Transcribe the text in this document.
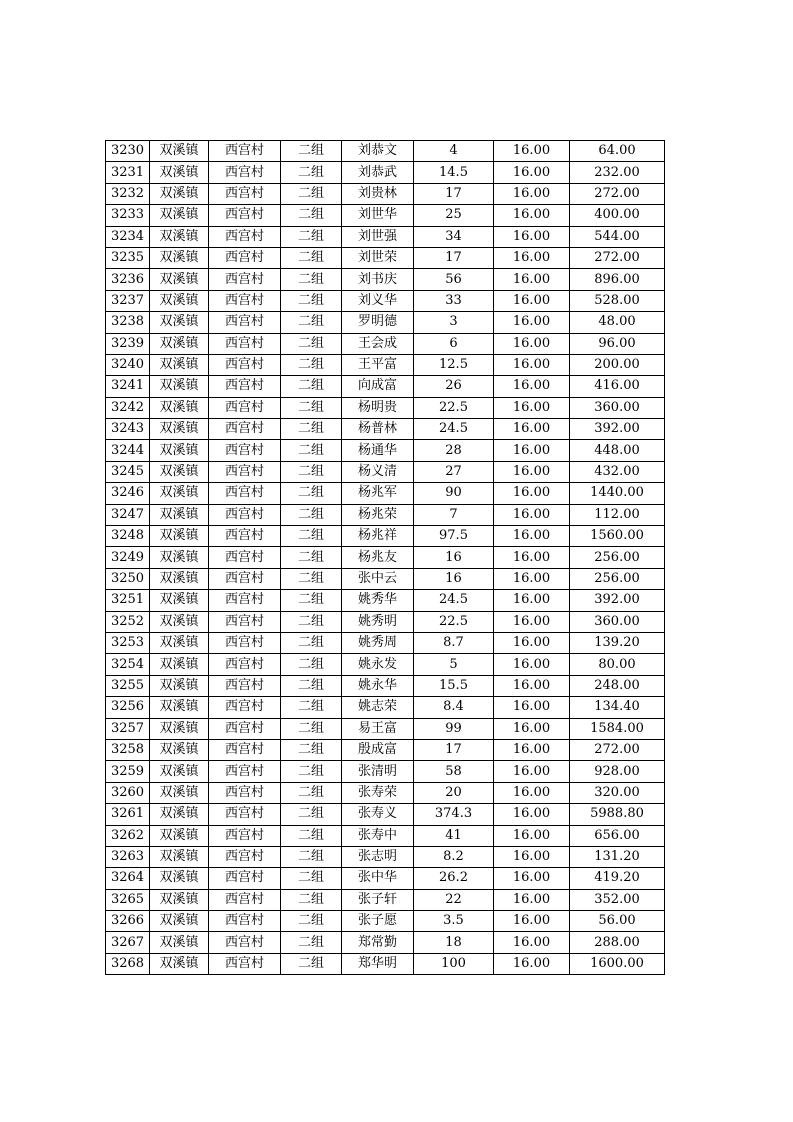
3230	双溪镇	西宫村	二组	刘恭文	4	16.00	64.00
3231	双溪镇	西宫村	二组	刘恭武	14.5	16.00	232.00
3232	双溪镇	西宫村	二组	刘贵林	17	16.00	272.00
3233	双溪镇	西宫村	二组	刘世华	25	16.00	400.00
3234	双溪镇	西宫村	二组	刘世强	34	16.00	544.00
3235	双溪镇	西宫村	二组	刘世荣	17	16.00	272.00
3236	双溪镇	西宫村	二组	刘书庆	56	16.00	896.00
3237	双溪镇	西宫村	二组	刘义华	33	16.00	528.00
3238	双溪镇	西宫村	二组	罗明德	3	16.00	48.00
3239	双溪镇	西宫村	二组	王会成	6	16.00	96.00
3240	双溪镇	西宫村	二组	王平富	12.5	16.00	200.00
3241	双溪镇	西宫村	二组	向成富	26	16.00	416.00
3242	双溪镇	西宫村	二组	杨明贵	22.5	16.00	360.00
3243	双溪镇	西宫村	二组	杨普林	24.5	16.00	392.00
3244	双溪镇	西宫村	二组	杨通华	28	16.00	448.00
3245	双溪镇	西宫村	二组	杨义清	27	16.00	432.00
3246	双溪镇	西宫村	二组	杨兆军	90	16.00	1440.00
3247	双溪镇	西宫村	二组	杨兆荣	7	16.00	112.00
3248	双溪镇	西宫村	二组	杨兆祥	97.5	16.00	1560.00
3249	双溪镇	西宫村	二组	杨兆友	16	16.00	256.00
3250	双溪镇	西宫村	二组	张中云	16	16.00	256.00
3251	双溪镇	西宫村	二组	姚秀华	24.5	16.00	392.00
3252	双溪镇	西宫村	二组	姚秀明	22.5	16.00	360.00
3253	双溪镇	西宫村	二组	姚秀周	8.7	16.00	139.20
3254	双溪镇	西宫村	二组	姚永发	5	16.00	80.00
3255	双溪镇	西宫村	二组	姚永华	15.5	16.00	248.00
3256	双溪镇	西宫村	二组	姚志荣	8.4	16.00	134.40
3257	双溪镇	西宫村	二组	易王富	99	16.00	1584.00
3258	双溪镇	西宫村	二组	殷成富	17	16.00	272.00
3259	双溪镇	西宫村	二组	张清明	58	16.00	928.00
3260	双溪镇	西宫村	二组	张寿荣	20	16.00	320.00
3261	双溪镇	西宫村	二组	张寿义	374.3	16.00	5988.80
3262	双溪镇	西宫村	二组	张寿中	41	16.00	656.00
3263	双溪镇	西宫村	二组	张志明	8.2	16.00	131.20
3264	双溪镇	西宫村	二组	张中华	26.2	16.00	419.20
3265	双溪镇	西宫村	二组	张子轩	22	16.00	352.00
3266	双溪镇	西宫村	二组	张子愿	3.5	16.00	56.00
3267	双溪镇	西宫村	二组	郑常勤	18	16.00	288.00
3268	双溪镇	西宫村	二组	郑华明	100	16.00	1600.00
